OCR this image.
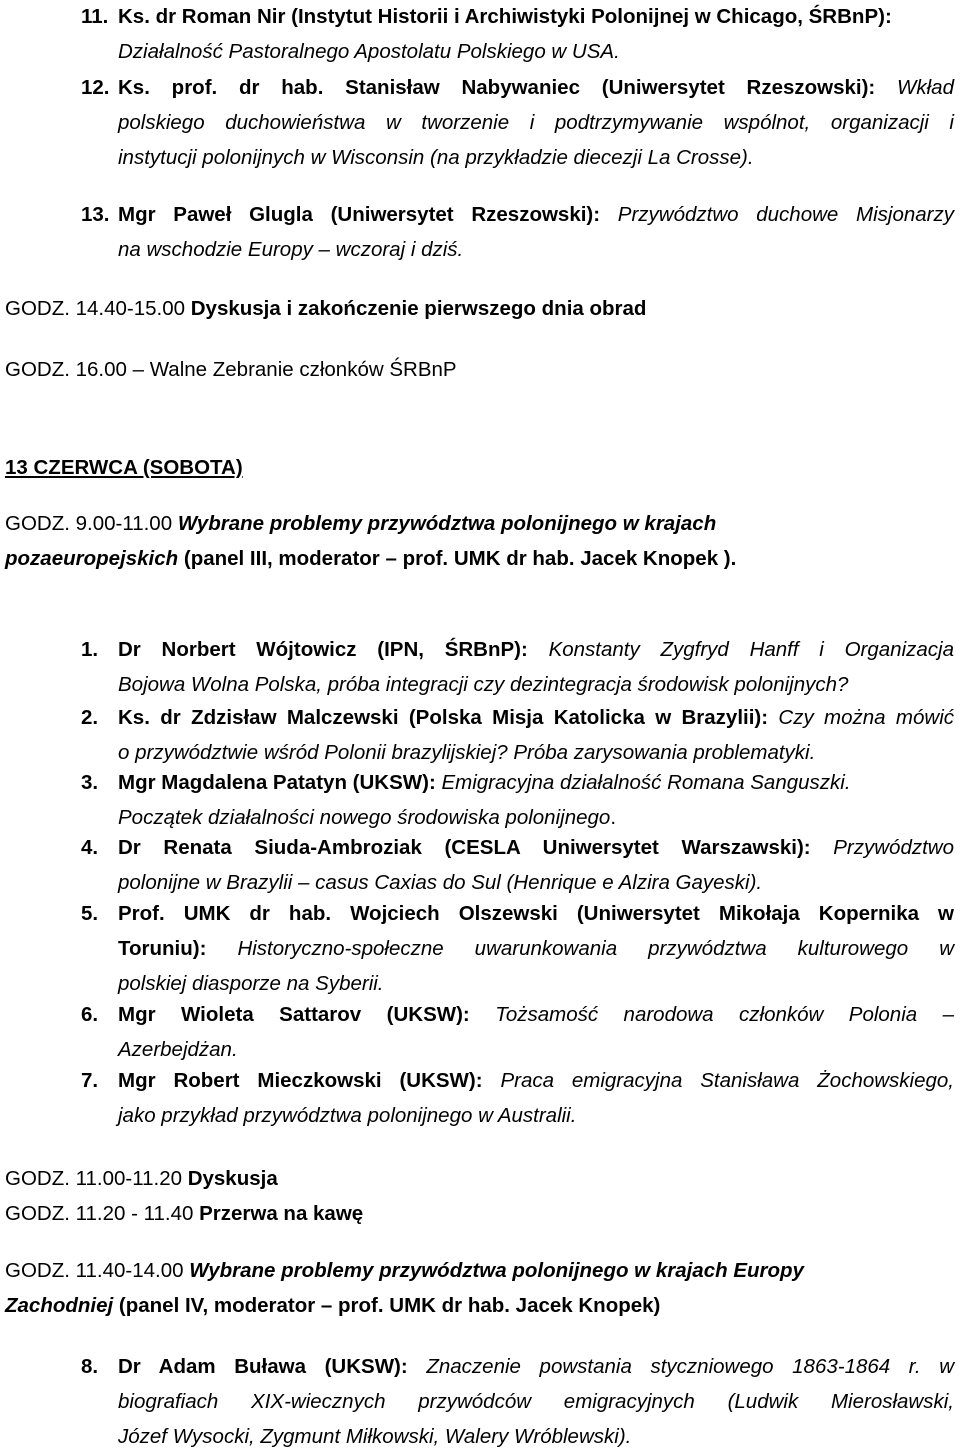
11. Ks. dr Roman Nir (Instytut Historii i Archiwistyki Polonijnej w Chicago, ŚRBnP):
Działalność Pastoralnego Apostolatu Polskiego w USA.
12. Ks. prof. dr hab. Stanisław Nabywaniec (Uniwersytet Rzeszowski): Wkład
polskiego duchowieństwa w tworzenie i podtrzymywanie wspólnot, organizacji i
instytucji polonijnych w Wisconsin (na przykładzie diecezji La Crosse).
13. Mgr Paweł Glugla (Uniwersytet Rzeszowski): Przywództwo duchowe Misjonarzy
na wschodzie Europy – wczoraj i dziś.
GODZ. 14.40-15.00 Dyskusja i zakończenie pierwszego dnia obrad
GODZ. 16.00 – Walne Zebranie członków ŚRBnP
13 CZERWCA (SOBOTA)
GODZ. 9.00-11.00 Wybrane problemy przywództwa polonijnego w krajach
pozaeuropejskich (panel III, moderator – prof. UMK dr hab. Jacek Knopek ).
1. Dr Norbert Wójtowicz (IPN, ŚRBnP): Konstanty Zygfryd Hanff i Organizacja
Bojowa Wolna Polska, próba integracji czy dezintegracja środowisk polonijnych?
2. Ks. dr Zdzisław Malczewski (Polska Misja Katolicka w Brazylii): Czy można mówić
o przywództwie wśród Polonii brazylijskiej? Próba zarysowania problematyki.
3. Mgr Magdalena Patatyn (UKSW): Emigracyjna działalność Romana Sanguszki.
Początek działalności nowego środowiska polonijnego.
4. Dr Renata Siuda-Ambroziak (CESLA Uniwersytet Warszawski): Przywództwo
polonijne w Brazylii – casus Caxias do Sul (Henrique e Alzira Gayeski).
5. Prof. UMK dr hab. Wojciech Olszewski (Uniwersytet Mikołaja Kopernika w
Toruniu): Historyczno-społeczne uwarunkowania przywództwa kulturowego w
polskiej diasporze na Syberii.
6. Mgr Wioleta Sattarov (UKSW): Tożsamość narodowa członków Polonia –
Azerbejdżan.
7. Mgr Robert Mieczkowski (UKSW): Praca emigracyjna Stanisława Żochowskiego,
jako przykład przywództwa polonijnego w Australii.
GODZ. 11.00-11.20 Dyskusja
GODZ. 11.20 - 11.40 Przerwa na kawę
GODZ. 11.40-14.00 Wybrane problemy przywództwa polonijnego w krajach Europy
Zachodniej (panel IV, moderator – prof. UMK dr hab. Jacek Knopek)
8. Dr Adam Buława (UKSW): Znaczenie powstania styczniowego 1863-1864 r. w
biografiach XIX-wiecznych przywódców emigracyjnych (Ludwik Mierosławski,
Józef Wysocki, Zygmunt Miłkowski, Walery Wróblewski).
